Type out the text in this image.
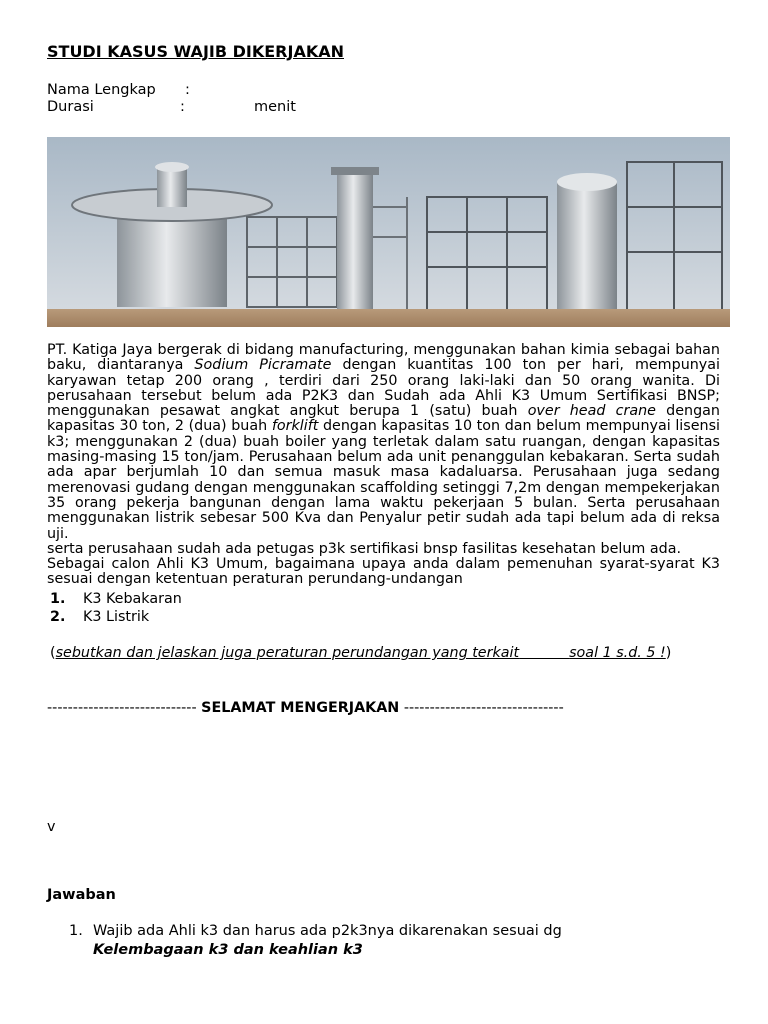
STUDI KASUS WAJIB DIKERJAKAN
Nama Lengkap :
Durasi	:	menit

PT. Katiga Jaya bergerak di bidang manufacturing, menggunakan bahan kimia sebagai bahan baku, diantaranya Sodium Picramate dengan kuantitas 100 ton per hari, mempunyai karyawan tetap 200 orang , terdiri dari 250 orang laki-laki dan 50 orang wanita. Di perusahaan tersebut belum ada P2K3 dan Sudah ada Ahli K3 Umum Sertifikasi BNSP; menggunakan pesawat angkat angkut berupa 1 (satu) buah over head crane dengan kapasitas 30 ton, 2 (dua) buah forklift dengan kapasitas 10 ton dan belum mempunyai lisensi k3; menggunakan 2 (dua) buah boiler yang terletak dalam satu ruangan, dengan kapasitas masing-masing 15 ton/jam. Perusahaan belum ada unit penanggulan kebakaran. Serta sudah ada apar berjumlah 10 dan semua masuk masa kadaluarsa. Perusahaan juga sedang merenovasi gudang dengan menggunakan scaffolding setinggi 7,2m dengan mempekerjakan 35 orang pekerja bangunan dengan lama waktu pekerjaan 5 bulan. Serta perusahaan menggunakan listrik sebesar 500 Kva dan Penyalur petir sudah ada tapi belum ada di reksa uji.

serta perusahaan sudah ada petugas p3k sertifikasi bnsp fasilitas kesehatan belum ada.

Sebagai calon Ahli K3 Umum, bagaimana upaya anda dalam pemenuhan syarat-syarat K3 sesuai dengan ketentuan peraturan perundang-undangan

1. K3 Kebakaran
2. K3 Listrik
(sebutkan dan jelaskan juga peraturan perundangan yang terkait	soal 1 s.d. 5 !)
----------------------------- SELAMAT MENGERJAKAN -------------------------------
v
Jawaban
1. Wajib ada Ahli k3 dan harus ada p2k3nya dikarenakan sesuai dg
Kelembagaan k3 dan keahlian k3
